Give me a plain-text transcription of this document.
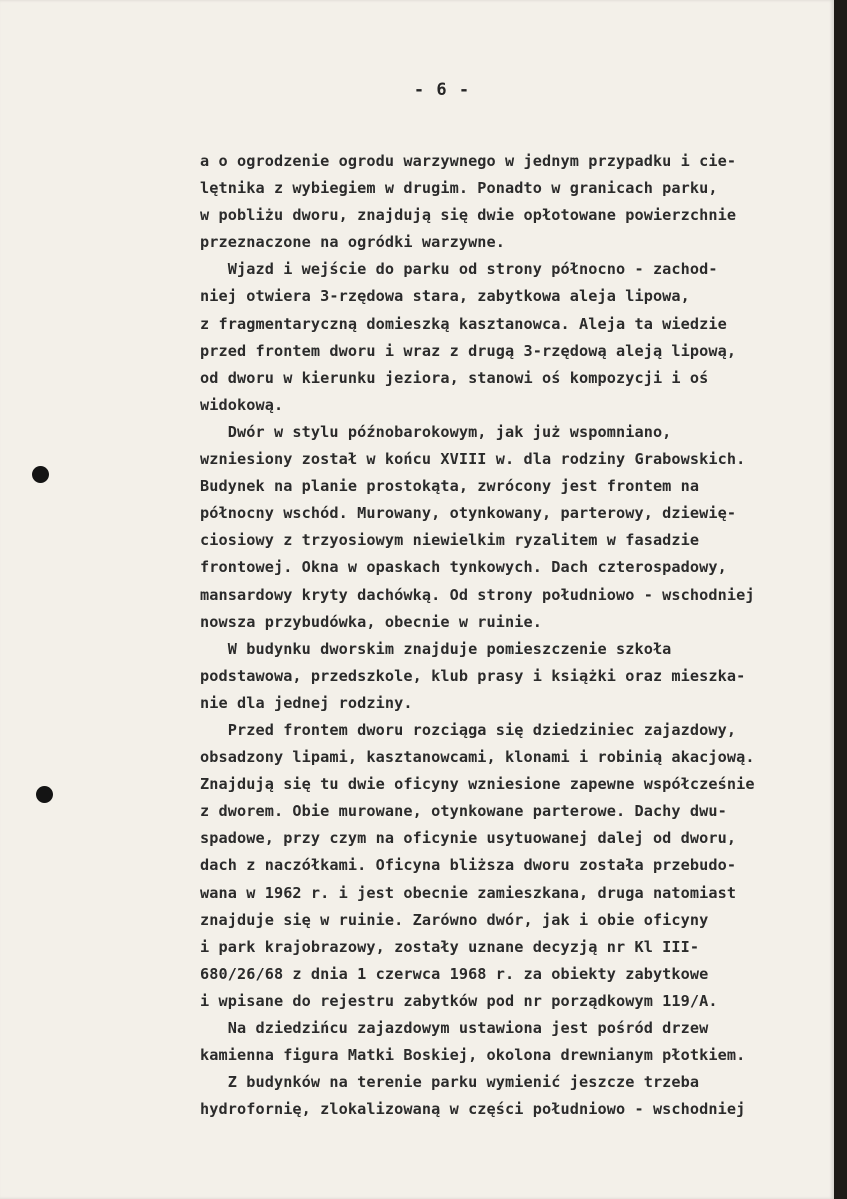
- 6 -
a o ogrodzenie ogrodu warzywnego w jednym przypadku i cie-
lętnika z wybiegiem w drugim. Ponadto w granicach parku,
w pobliżu dworu, znajdują się dwie opłotowane powierzchnie
przeznaczone na ogródki warzywne.
Wjazd i wejście do parku od strony północno - zachod-
niej otwiera 3-rzędowa stara, zabytkowa aleja lipowa,
z fragmentaryczną domieszką kasztanowca. Aleja ta wiedzie
przed frontem dworu i wraz z drugą 3-rzędową aleją lipową,
od dworu w kierunku jeziora, stanowi oś kompozycji i oś
widokową.
Dwór w stylu późnobarokowym, jak już wspomniano,
wzniesiony został w końcu XVIII w. dla rodziny Grabowskich.
Budynek na planie prostokąta, zwrócony jest frontem na
północny wschód. Murowany, otynkowany, parterowy, dziewię-
ciosiowy z trzyosiowym niewielkim ryzalitem w fasadzie
frontowej. Okna w opaskach tynkowych. Dach czterospadowy,
mansardowy kryty dachówką. Od strony południowo - wschodniej
nowsza przybudówka, obecnie w ruinie.
W budynku dworskim znajduje pomieszczenie szkoła
podstawowa, przedszkole, klub prasy i książki oraz mieszka-
nie dla jednej rodziny.
Przed frontem dworu rozciąga się dziedziniec zajazdowy,
obsadzony lipami, kasztanowcami, klonami i robinią akacjową.
Znajdują się tu dwie oficyny wzniesione zapewne współcześnie
z dworem. Obie murowane, otynkowane parterowe. Dachy dwu-
spadowe, przy czym na oficynie usytuowanej dalej od dworu,
dach z naczółkami. Oficyna bliższa dworu została przebudo-
wana w 1962 r. i jest obecnie zamieszkana, druga natomiast
znajduje się w ruinie. Zarówno dwór, jak i obie oficyny
i park krajobrazowy, zostały uznane decyzją nr Kl III-
680/26/68 z dnia 1 czerwca 1968 r. za obiekty zabytkowe
i wpisane do rejestru zabytków pod nr porządkowym 119/A.
Na dziedzińcu zajazdowym ustawiona jest pośród drzew
kamienna figura Matki Boskiej, okolona drewnianym płotkiem.
Z budynków na terenie parku wymienić jeszcze trzeba
hydrofornię, zlokalizowaną w części południowo - wschodniej
